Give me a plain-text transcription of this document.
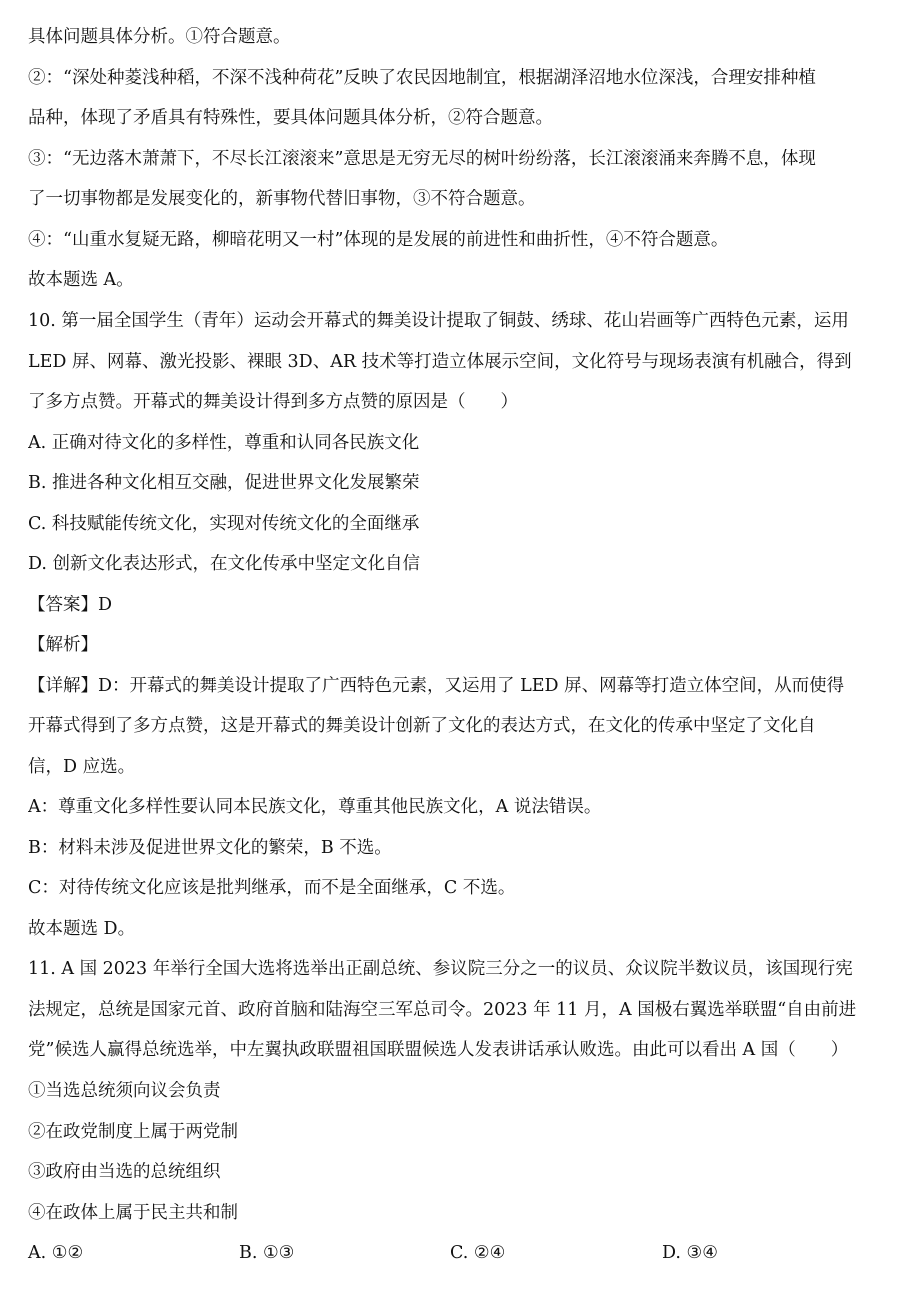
具体问题具体分析。①符合题意。
②：“深处种菱浅种稻，不深不浅种荷花”反映了农民因地制宜，根据湖泽沼地水位深浅，合理安排种植
品种，体现了矛盾具有特殊性，要具体问题具体分析，②符合题意。
③：“无边落木萧萧下，不尽长江滚滚来”意思是无穷无尽的树叶纷纷落，长江滚滚涌来奔腾不息，体现
了一切事物都是发展变化的，新事物代替旧事物，③不符合题意。
④：“山重水复疑无路，柳暗花明又一村”体现的是发展的前进性和曲折性，④不符合题意。
故本题选 A。
10. 第一届全国学生（青年）运动会开幕式的舞美设计提取了铜鼓、绣球、花山岩画等广西特色元素，运用
LED 屏、网幕、激光投影、裸眼 3D、AR 技术等打造立体展示空间，文化符号与现场表演有机融合，得到
了多方点赞。开幕式的舞美设计得到多方点赞的原因是（　　）
A. 正确对待文化的多样性，尊重和认同各民族文化
B. 推进各种文化相互交融，促进世界文化发展繁荣
C. 科技赋能传统文化，实现对传统文化的全面继承
D. 创新文化表达形式，在文化传承中坚定文化自信
【答案】D
【解析】
【详解】D：开幕式的舞美设计提取了广西特色元素，又运用了 LED 屏、网幕等打造立体空间，从而使得
开幕式得到了多方点赞，这是开幕式的舞美设计创新了文化的表达方式，在文化的传承中坚定了文化自
信，D 应选。
A：尊重文化多样性要认同本民族文化，尊重其他民族文化，A 说法错误。
B：材料未涉及促进世界文化的繁荣，B 不选。
C：对待传统文化应该是批判继承，而不是全面继承，C 不选。
故本题选 D。
11. A 国 2023 年举行全国大选将选举出正副总统、参议院三分之一的议员、众议院半数议员，该国现行宪
法规定，总统是国家元首、政府首脑和陆海空三军总司令。2023 年 11 月，A 国极右翼选举联盟“自由前进
党”候选人赢得总统选举，中左翼执政联盟祖国联盟候选人发表讲话承认败选。由此可以看出 A 国（　　）
①当选总统须向议会负责
②在政党制度上属于两党制
③政府由当选的总统组织
④在政体上属于民主共和制
A. ①②	B. ①③	C. ②④	D. ③④
